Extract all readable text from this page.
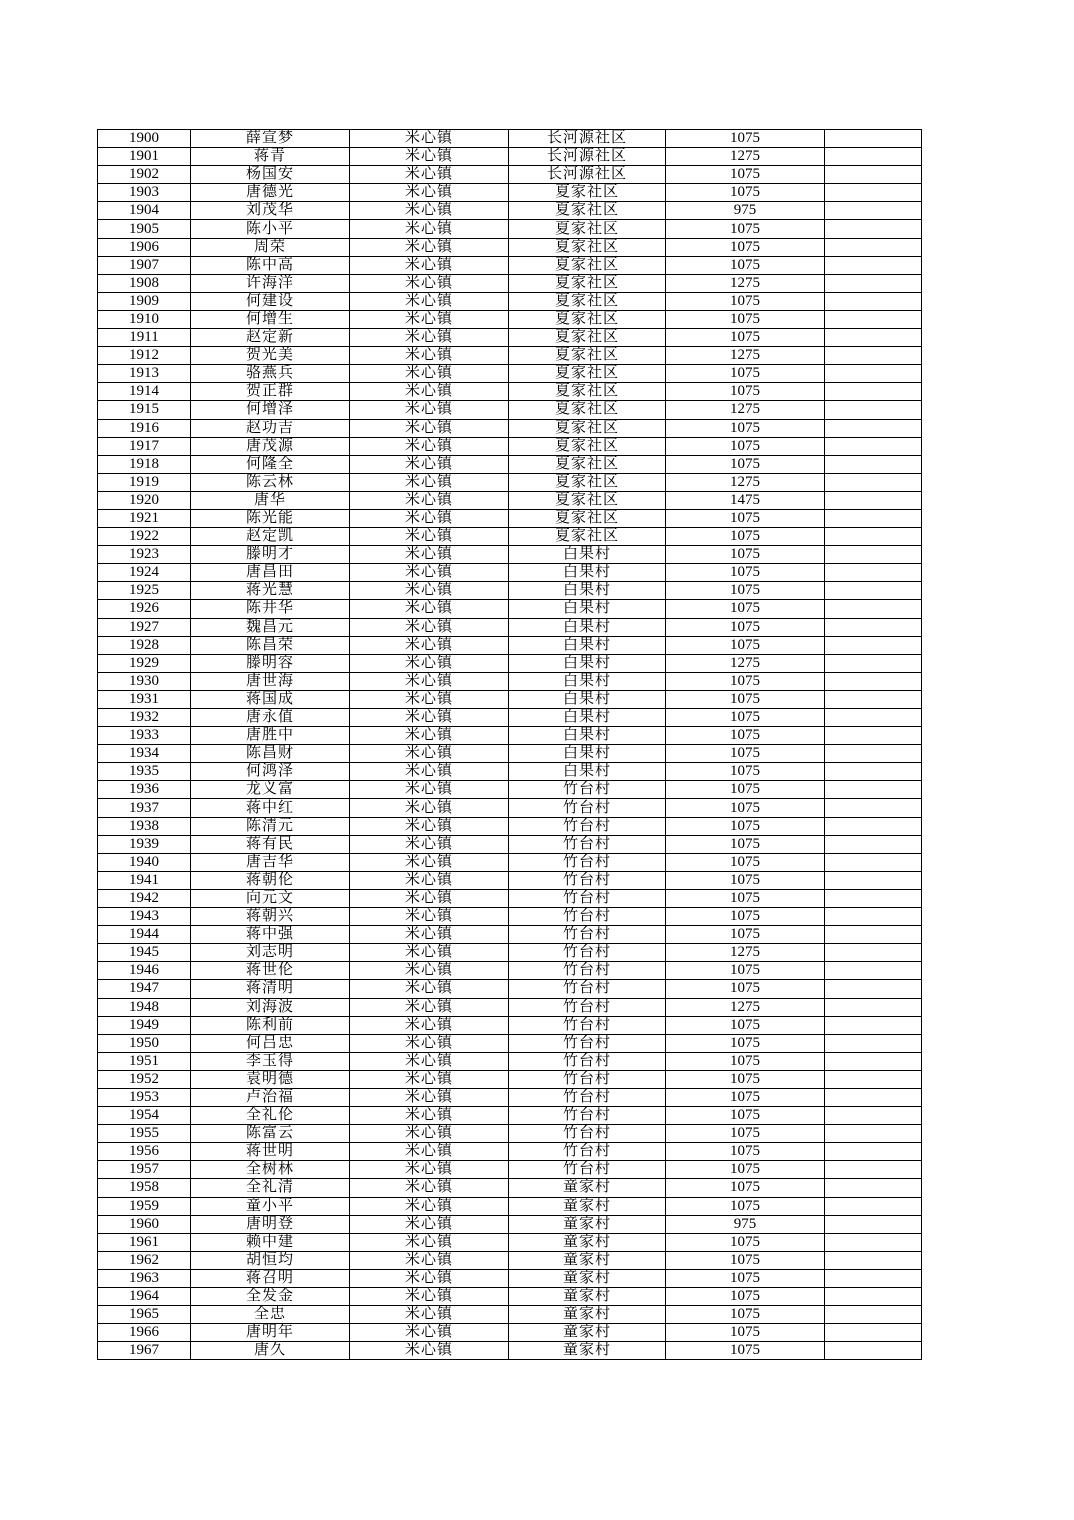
1900	薛宣梦	米心镇	长河源社区	1075	
1901	蒋青	米心镇	长河源社区	1275	
1902	杨国安	米心镇	长河源社区	1075	
1903	唐德光	米心镇	夏家社区	1075	
1904	刘茂华	米心镇	夏家社区	975	
1905	陈小平	米心镇	夏家社区	1075	
1906	周荣	米心镇	夏家社区	1075	
1907	陈中高	米心镇	夏家社区	1075	
1908	许海洋	米心镇	夏家社区	1275	
1909	何建设	米心镇	夏家社区	1075	
1910	何增生	米心镇	夏家社区	1075	
1911	赵定新	米心镇	夏家社区	1075	
1912	贺光美	米心镇	夏家社区	1275	
1913	骆燕兵	米心镇	夏家社区	1075	
1914	贺正群	米心镇	夏家社区	1075	
1915	何增泽	米心镇	夏家社区	1275	
1916	赵功吉	米心镇	夏家社区	1075	
1917	唐茂源	米心镇	夏家社区	1075	
1918	何隆全	米心镇	夏家社区	1075	
1919	陈云林	米心镇	夏家社区	1275	
1920	唐华	米心镇	夏家社区	1475	
1921	陈光能	米心镇	夏家社区	1075	
1922	赵定凯	米心镇	夏家社区	1075	
1923	滕明才	米心镇	白果村	1075	
1924	唐昌田	米心镇	白果村	1075	
1925	蒋光慧	米心镇	白果村	1075	
1926	陈井华	米心镇	白果村	1075	
1927	魏昌元	米心镇	白果村	1075	
1928	陈昌荣	米心镇	白果村	1075	
1929	滕明容	米心镇	白果村	1275	
1930	唐世海	米心镇	白果村	1075	
1931	蒋国成	米心镇	白果村	1075	
1932	唐永值	米心镇	白果村	1075	
1933	唐胜中	米心镇	白果村	1075	
1934	陈昌财	米心镇	白果村	1075	
1935	何鸿泽	米心镇	白果村	1075	
1936	龙义富	米心镇	竹台村	1075	
1937	蒋中红	米心镇	竹台村	1075	
1938	陈清元	米心镇	竹台村	1075	
1939	蒋有民	米心镇	竹台村	1075	
1940	唐吉华	米心镇	竹台村	1075	
1941	蒋朝伦	米心镇	竹台村	1075	
1942	向元文	米心镇	竹台村	1075	
1943	蒋朝兴	米心镇	竹台村	1075	
1944	蒋中强	米心镇	竹台村	1075	
1945	刘志明	米心镇	竹台村	1275	
1946	蒋世伦	米心镇	竹台村	1075	
1947	蒋清明	米心镇	竹台村	1075	
1948	刘海波	米心镇	竹台村	1275	
1949	陈利前	米心镇	竹台村	1075	
1950	何吕忠	米心镇	竹台村	1075	
1951	李玉得	米心镇	竹台村	1075	
1952	袁明德	米心镇	竹台村	1075	
1953	卢治福	米心镇	竹台村	1075	
1954	全礼伦	米心镇	竹台村	1075	
1955	陈富云	米心镇	竹台村	1075	
1956	蒋世明	米心镇	竹台村	1075	
1957	全树林	米心镇	竹台村	1075	
1958	全礼清	米心镇	童家村	1075	
1959	童小平	米心镇	童家村	1075	
1960	唐明登	米心镇	童家村	975	
1961	赖中建	米心镇	童家村	1075	
1962	胡恒均	米心镇	童家村	1075	
1963	蒋召明	米心镇	童家村	1075	
1964	全发金	米心镇	童家村	1075	
1965	全忠	米心镇	童家村	1075	
1966	唐明年	米心镇	童家村	1075	
1967	唐久	米心镇	童家村	1075	
